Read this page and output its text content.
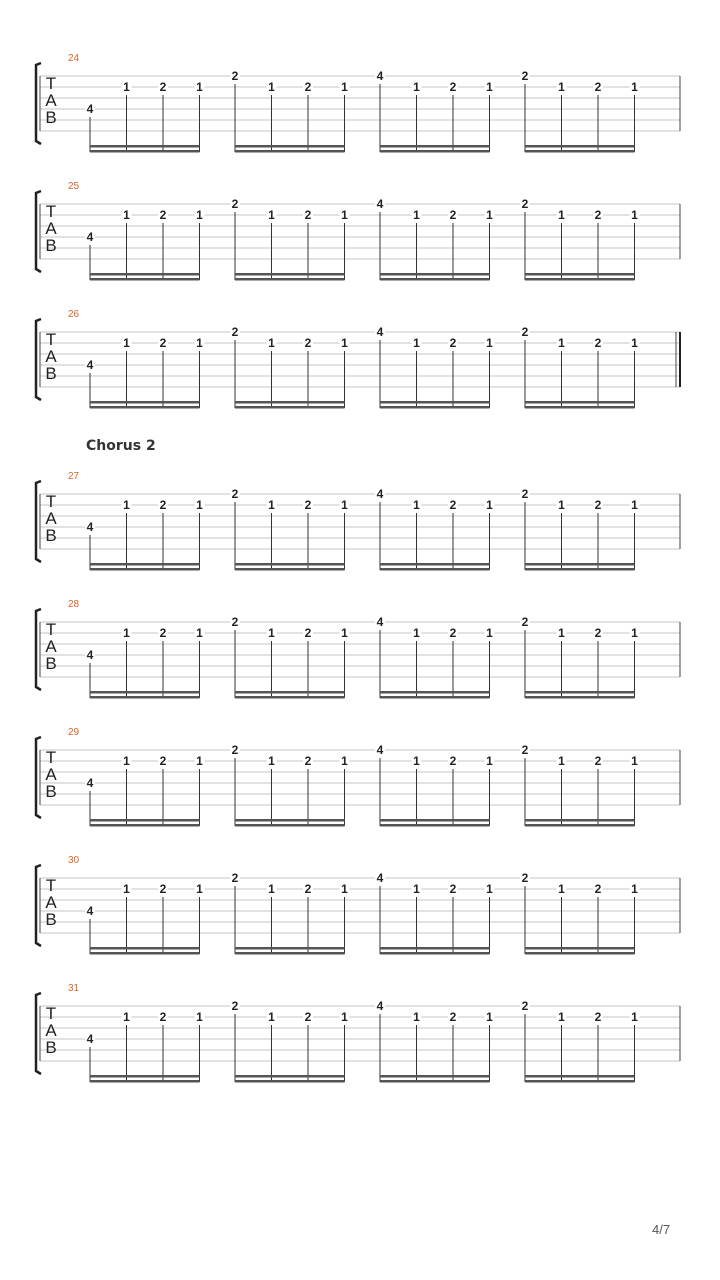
T
A
B
24
4
1 2 1
2
1 2 1
4
1 2 1
2
1 2 1
T
A
B
25
4
1 2 1
2
1 2 1
4
1 2 1
2
1 2 1
T
A
B
26
4
1 2 1
2
1 2 1
4
1 2 1
2
1 2 1
T
A
B
27
4
1 2 1
2
1 2 1
4
1 2 1
2
1 2 1
T
A
B
28
4
1 2 1
2
1 2 1
4
1 2 1
2
1 2 1
T
A
B
29
4
1 2 1
2
1 2 1
4
1 2 1
2
1 2 1
T
A
B
30
4
1 2 1
2
1 2 1
4
1 2 1
2
1 2 1
T
A
B
31
4
1 2 1
2
1 2 1
4
1 2 1
2
1 2 1
Chorus 2
4/7
